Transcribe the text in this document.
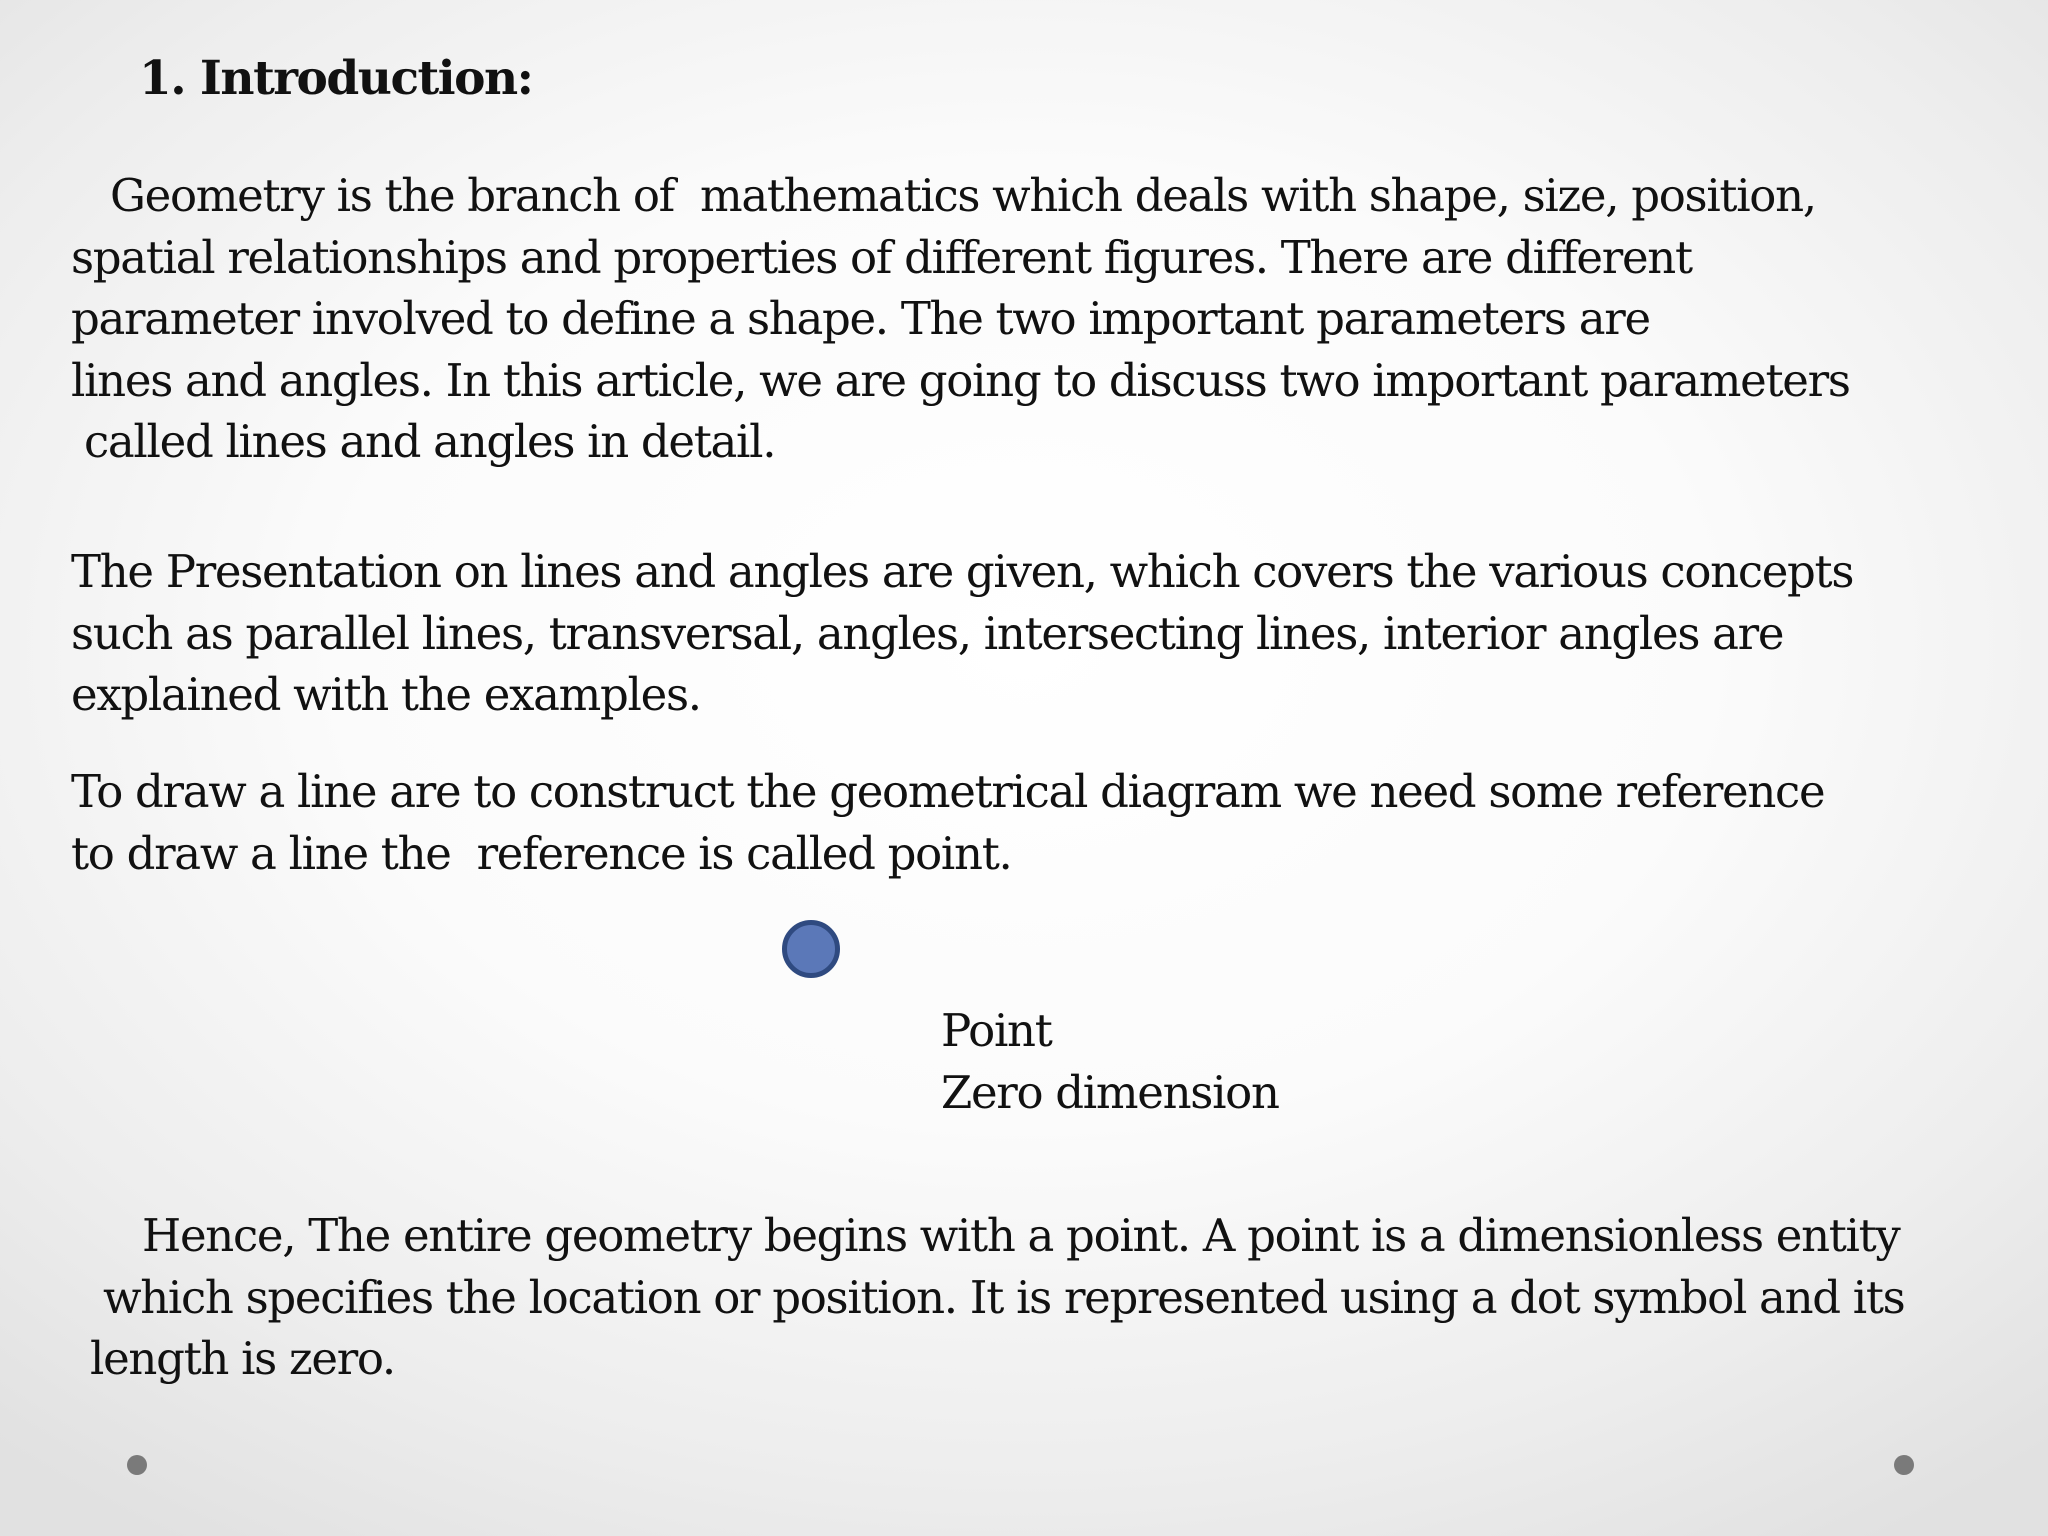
1. Introduction:
Geometry is the branch of  mathematics which deals with shape, size, position,
spatial relationships and properties of different figures. There are different
parameter involved to define a shape. The two important parameters are
lines and angles. In this article, we are going to discuss two important parameters
called lines and angles in detail.
The Presentation on lines and angles are given, which covers the various concepts
such as parallel lines, transversal, angles, intersecting lines, interior angles are
explained with the examples.
To draw a line are to construct the geometrical diagram we need some reference
to draw a line the  reference is called point.
Point
Zero dimension
Hence, The entire geometry begins with a point. A point is a dimensionless entity
which specifies the location or position. It is represented using a dot symbol and its
length is zero.
